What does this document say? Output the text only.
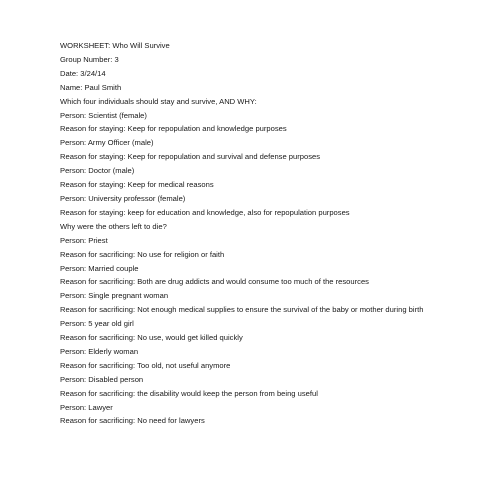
WORKSHEET: Who Will Survive
Group Number: 3
Date: 3/24/14
Name: Paul Smith
Which four individuals should stay and survive, AND WHY:
Person: Scientist (female)
Reason for staying: Keep for repopulation and knowledge purposes
Person: Army Officer (male)
Reason for staying: Keep for repopulation and survival and defense purposes
Person: Doctor (male)
Reason for staying: Keep for medical reasons
Person: University professor (female)
Reason for staying: keep for education and knowledge, also for repopulation purposes
Why were the others left to die?
Person: Priest
Reason for sacrificing: No use for religion or faith
Person: Married couple
Reason for sacrificing: Both are drug addicts and would consume too much of the resources
Person: Single pregnant woman
Reason for sacrificing: Not enough medical supplies to ensure the survival of the baby or mother during birth
Person: 5 year old girl
Reason for sacrificing: No use, would get killed quickly
Person: Elderly woman
Reason for sacrificing: Too old, not useful anymore
Person: Disabled person
Reason for sacrificing: the disability would keep the person from being useful
Person: Lawyer
Reason for sacrificing: No need for lawyers
